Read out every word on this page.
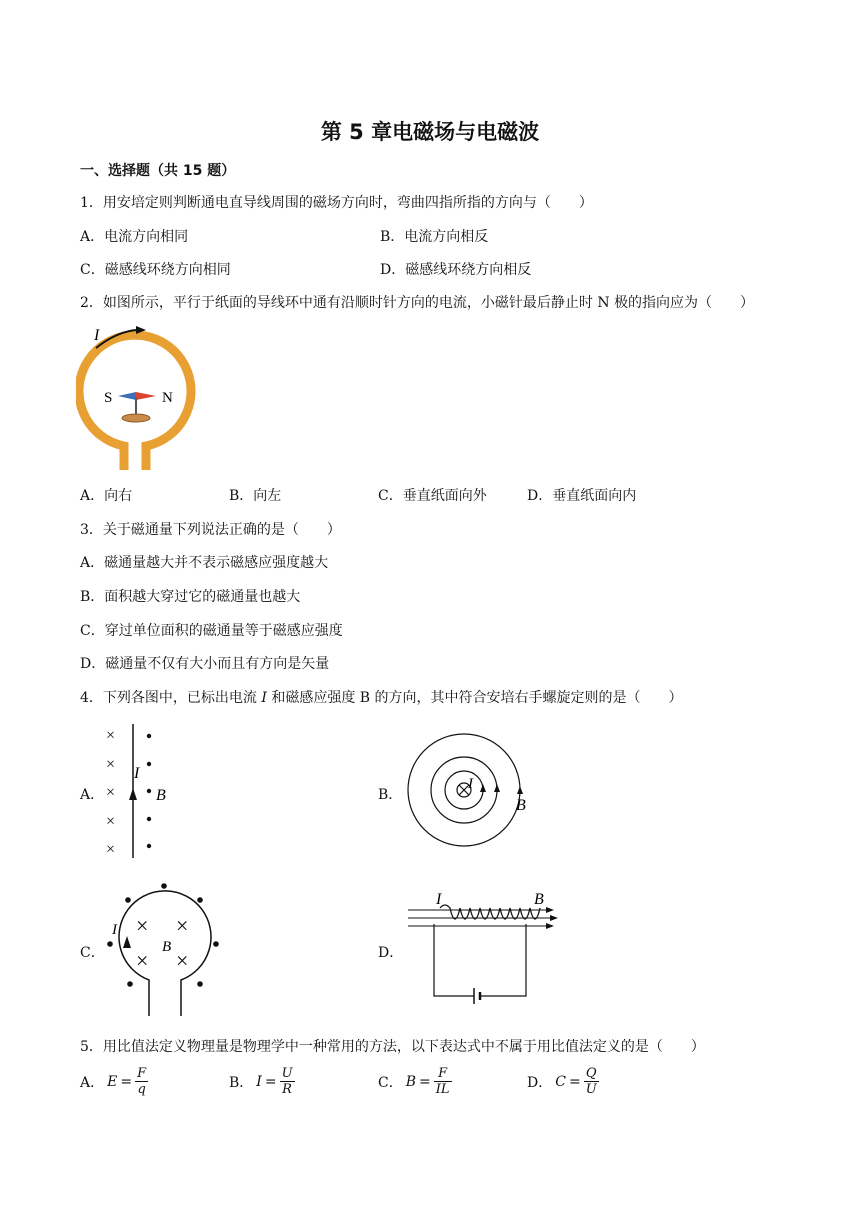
第 5 章电磁场与电磁波
一、选择题（共 15 题）
1．用安培定则判断通电直导线周围的磁场方向时，弯曲四指所指的方向与（　　）
A．电流方向相同	B．电流方向相反
C．磁感线环绕方向相同	D．磁感线环绕方向相反
2．如图所示，平行于纸面的导线环中通有沿顺时针方向的电流，小磁针最后静止时 N 极的指向应为（　　）
I
S	N
A．向右	B．向左	C．垂直纸面向外	D．垂直纸面向内
3．关于磁通量下列说法正确的是（　　）
A．磁通量越大并不表示磁感应强度越大
B．面积越大穿过它的磁通量也越大
C．穿过单位面积的磁通量等于磁感应强度
D．磁通量不仅有大小而且有方向是矢量
4．下列各图中，已标出电流 I 和磁感应强度 B 的方向，其中符合安培右手螺旋定则的是（　　）
A．
×
×
×
×
×
I
B	B．
I
B
C．
I × ×
× ×
B	D．
I	B
5．用比值法定义物理量是物理学中一种常用的方法，以下表达式中不属于用比值法定义的是（　　）
A． $E = \frac{F}{q}$	B． $I = \frac{U}{R}$	C． $B = \frac{F}{IL}$	D． $C = \frac{Q}{U}$
